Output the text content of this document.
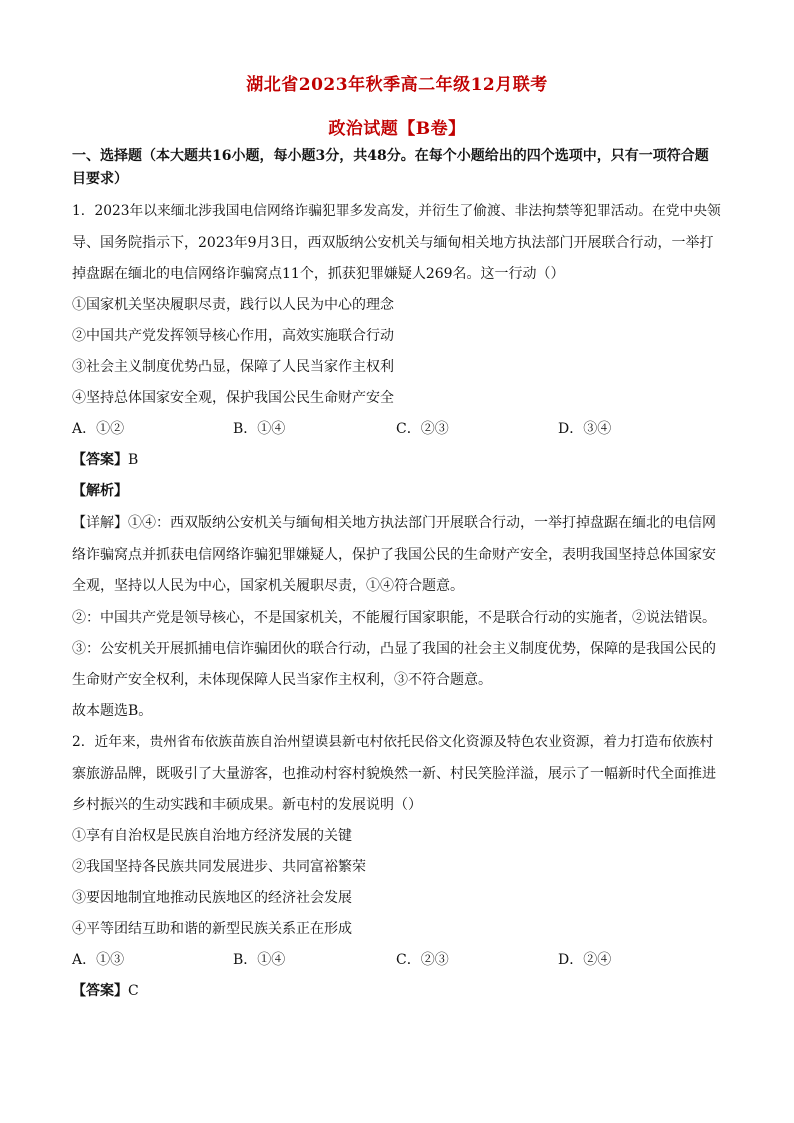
湖北省2023年秋季高二年级12月联考
政治试题【B卷】
一、选择题（本大题共16小题，每小题3分，共48分。在每个小题给出的四个选项中，只有一项符合题
目要求）
1．2023年以来缅北涉我国电信网络诈骗犯罪多发高发，并衍生了偷渡、非法拘禁等犯罪活动。在党中央领
导、国务院指示下，2023年9月3日，西双版纳公安机关与缅甸相关地方执法部门开展联合行动，一举打
掉盘踞在缅北的电信网络诈骗窝点11个，抓获犯罪嫌疑人269名。这一行动（）
①国家机关坚决履职尽责，践行以人民为中心的理念
②中国共产党发挥领导核心作用，高效实施联合行动
③社会主义制度优势凸显，保障了人民当家作主权利
④坚持总体国家安全观，保护我国公民生命财产安全
A．①②	B．①④	C．②③	D．③④
【答案】B
【解析】
【详解】①④：西双版纳公安机关与缅甸相关地方执法部门开展联合行动，一举打掉盘踞在缅北的电信网
络诈骗窝点并抓获电信网络诈骗犯罪嫌疑人，保护了我国公民的生命财产安全，表明我国坚持总体国家安
全观，坚持以人民为中心，国家机关履职尽责，①④符合题意。
②：中国共产党是领导核心，不是国家机关，不能履行国家职能，不是联合行动的实施者，②说法错误。
③：公安机关开展抓捕电信诈骗团伙的联合行动，凸显了我国的社会主义制度优势，保障的是我国公民的
生命财产安全权利，未体现保障人民当家作主权利，③不符合题意。
故本题选B。
2．近年来，贵州省布依族苗族自治州望谟县新屯村依托民俗文化资源及特色农业资源，着力打造布依族村
寨旅游品牌，既吸引了大量游客，也推动村容村貌焕然一新、村民笑脸洋溢，展示了一幅新时代全面推进
乡村振兴的生动实践和丰硕成果。新屯村的发展说明（）
①享有自治权是民族自治地方经济发展的关键
②我国坚持各民族共同发展进步、共同富裕繁荣
③要因地制宜地推动民族地区的经济社会发展
④平等团结互助和谐的新型民族关系正在形成
A．①③	B．①④	C．②③	D．②④
【答案】C
